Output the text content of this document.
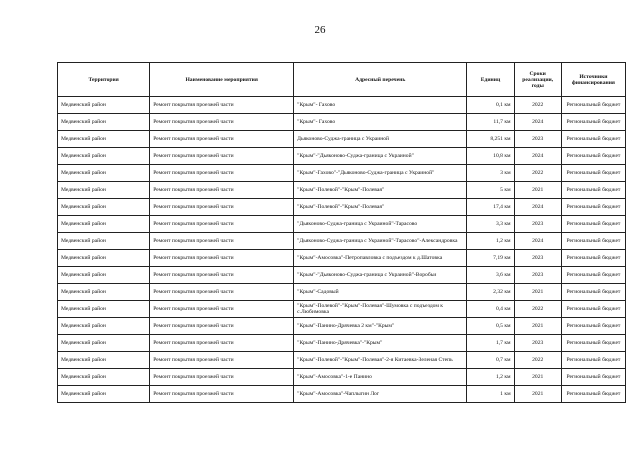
26
Территория	Наименование мероприятия	Адресный перечень	Единиц	Сроки реализации, годы	Источники финансирования
Медвенский район	Ремонт покрытия проезжей части	"Крым"- Гахово	0,1 км	2022	Региональный бюджет
Медвенский район	Ремонт покрытия проезжей части	"Крым"- Гахово	11,7 км	2024	Региональный бюджет
Медвенский район	Ремонт покрытия проезжей части	Дьяконово-Суджа-граница с Украиной	8,251 км	2023	Региональный бюджет
Медвенский район	Ремонт покрытия проезжей части	"Крым"-"Дьяконово-Суджа-граница с Украиной"	10,8 км	2024	Региональный бюджет
Медвенский район	Ремонт покрытия проезжей части	"Крым"-Гахово"-"Дьяконово-Суджа-граница с Украиной"	3 км	2022	Региональный бюджет
Медвенский район	Ремонт покрытия проезжей части	"Крым"-Полевой"-"Крым"-Полевая"	5 км	2021	Региональный бюджет
Медвенский район	Ремонт покрытия проезжей части	"Крым"-Полевой"-"Крым"-Полевая"	17,4 км	2024	Региональный бюджет
Медвенский район	Ремонт покрытия проезжей части	"Дьяконово-Суджа-граница с Украиной"-Тарасово	3,3 км	2023	Региональный бюджет
Медвенский район	Ремонт покрытия проезжей части	"Дьяконово-Суджа-граница с Украиной"-Тарасово"-Александровка	1,2 км	2024	Региональный бюджет
Медвенский район	Ремонт покрытия проезжей части	"Крым"-Амосовка"-Петропавловка с подъездом к д.Шатовка	7,19 км	2023	Региональный бюджет
Медвенский район	Ремонт покрытия проезжей части	"Крым"-"Дьяконово-Суджа-граница с Украиной"-Воробьи	3,6 км	2023	Региональный бюджет
Медвенский район	Ремонт покрытия проезжей части	"Крым"-Садовый	2,32 км	2021	Региональный бюджет
Медвенский район	Ремонт покрытия проезжей части	"Крым"-Полевой"-"Крым"-Полевая"-Шумовка с подъездом к с.Любимовка	0,4 км	2022	Региональный бюджет
Медвенский район	Ремонт покрытия проезжей части	"Крым"-Панино-Дрячевка 2 км"-"Крым"	0,5 км	2021	Региональный бюджет
Медвенский район	Ремонт покрытия проезжей части	"Крым"-Панино-Дрячевка"-"Крым"	1,7 км	2023	Региональный бюджет
Медвенский район	Ремонт покрытия проезжей части	"Крым"-Полевой"-"Крым"-Полевая"-2-я Китаевка-Зеленая Степь	0,7 км	2022	Региональный бюджет
Медвенский район	Ремонт покрытия проезжей части	"Крым"-Амосовка"-1-е Панино	1,2 км	2021	Региональный бюджет
Медвенский район	Ремонт покрытия проезжей части	"Крым"-Амосовка"-Чаплыгин Лог	1 км	2021	Региональный бюджет
